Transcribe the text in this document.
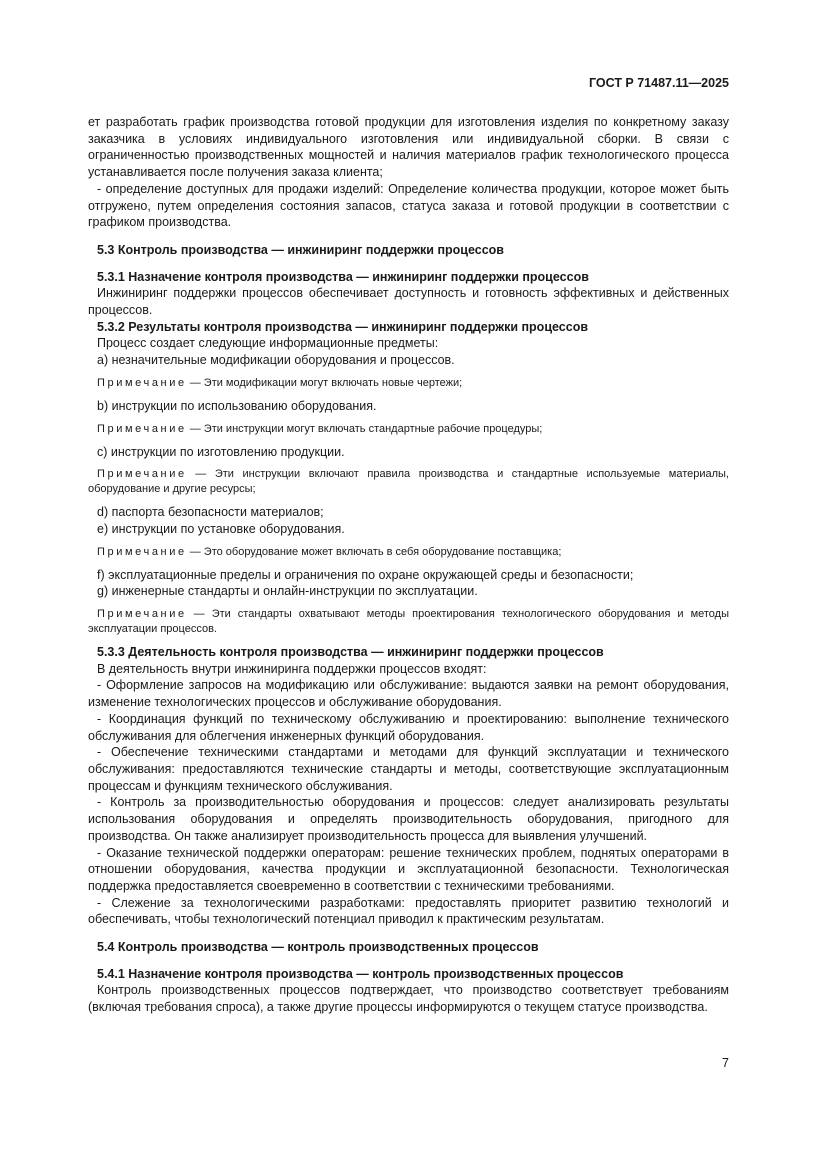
ГОСТ Р 71487.11—2025

ет разработать график производства готовой продукции для изготовления изделия по конкретному заказу заказчика в условиях индивидуального изготовления или индивидуальной сборки. В связи с ограниченностью производственных мощностей и наличия материалов график технологического процесса устанавливается после получения заказа клиента;

- определение доступных для продажи изделий: Определение количества продукции, которое может быть отгружено, путем определения состояния запасов, статуса заказа и готовой продукции в соответствии с графиком производства.

5.3 Контроль производства — инжиниринг поддержки процессов
5.3.1 Назначение контроля производства — инжиниринг поддержки процессов

Инжиниринг поддержки процессов обеспечивает доступность и готовность эффективных и действенных процессов.

5.3.2 Результаты контроля производства — инжиниринг поддержки процессов

Процесс создает следующие информационные предметы:

a) незначительные модификации оборудования и процессов.

Примечание — Эти модификации могут включать новые чертежи;

b) инструкции по использованию оборудования.

Примечание — Эти инструкции могут включать стандартные рабочие процедуры;

c) инструкции по изготовлению продукции.

Примечание — Эти инструкции включают правила производства и стандартные используемые материалы, оборудование и другие ресурсы;

d) паспорта безопасности материалов;

e) инструкции по установке оборудования.

Примечание — Это оборудование может включать в себя оборудование поставщика;

f) эксплуатационные пределы и ограничения по охране окружающей среды и безопасности;

g) инженерные стандарты и онлайн-инструкции по эксплуатации.

Примечание — Эти стандарты охватывают методы проектирования технологического оборудования и методы эксплуатации процессов.
5.3.3 Деятельность контроля производства — инжиниринг поддержки процессов

В деятельность внутри инжиниринга поддержки процессов входят:

- Оформление запросов на модификацию или обслуживание: выдаются заявки на ремонт оборудования, изменение технологических процессов и обслуживание оборудования.

- Координация функций по техническому обслуживанию и проектированию: выполнение технического обслуживания для облегчения инженерных функций оборудования.

- Обеспечение техническими стандартами и методами для функций эксплуатации и технического обслуживания: предоставляются технические стандарты и методы, соответствующие эксплуатационным процессам и функциям технического обслуживания.

- Контроль за производительностью оборудования и процессов: следует анализировать результаты использования оборудования и определять производительность оборудования, пригодного для производства. Он также анализирует производительность процесса для выявления улучшений.

- Оказание технической поддержки операторам: решение технических проблем, поднятых операторами в отношении оборудования, качества продукции и эксплуатационной безопасности. Технологическая поддержка предоставляется своевременно в соответствии с техническими требованиями.

- Слежение за технологическими разработками: предоставлять приоритет развитию технологий и обеспечивать, чтобы технологический потенциал приводил к практическим результатам.

5.4 Контроль производства — контроль производственных процессов
5.4.1 Назначение контроля производства — контроль производственных процессов

Контроль производственных процессов подтверждает, что производство соответствует требованиям (включая требования спроса), а также другие процессы информируются о текущем статусе производства.

7
